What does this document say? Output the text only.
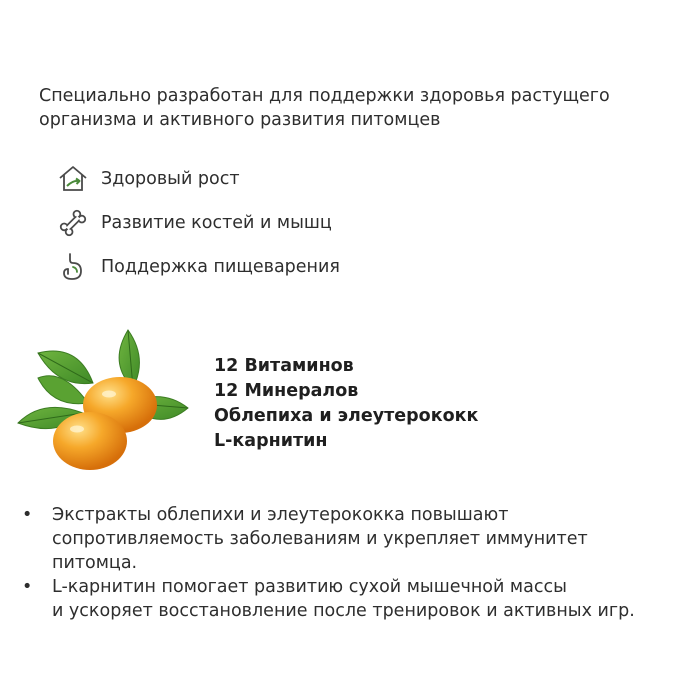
Специально разработан для поддержки здоровья растущего
организма и активного развития питомцев
Здоровый рост
Развитие костей и мышц
Поддержка пищеварения
12 Витаминов
12 Минералов
Облепиха и элеутерококк
L-карнитин
• Экстракты облепихи и элеутерококка повышают
сопротивляемость заболеваниям и укрепляет иммунитет
питомца.
• L-карнитин помогает развитию сухой мышечной массы
и ускоряет восстановление после тренировок и активных игр.
